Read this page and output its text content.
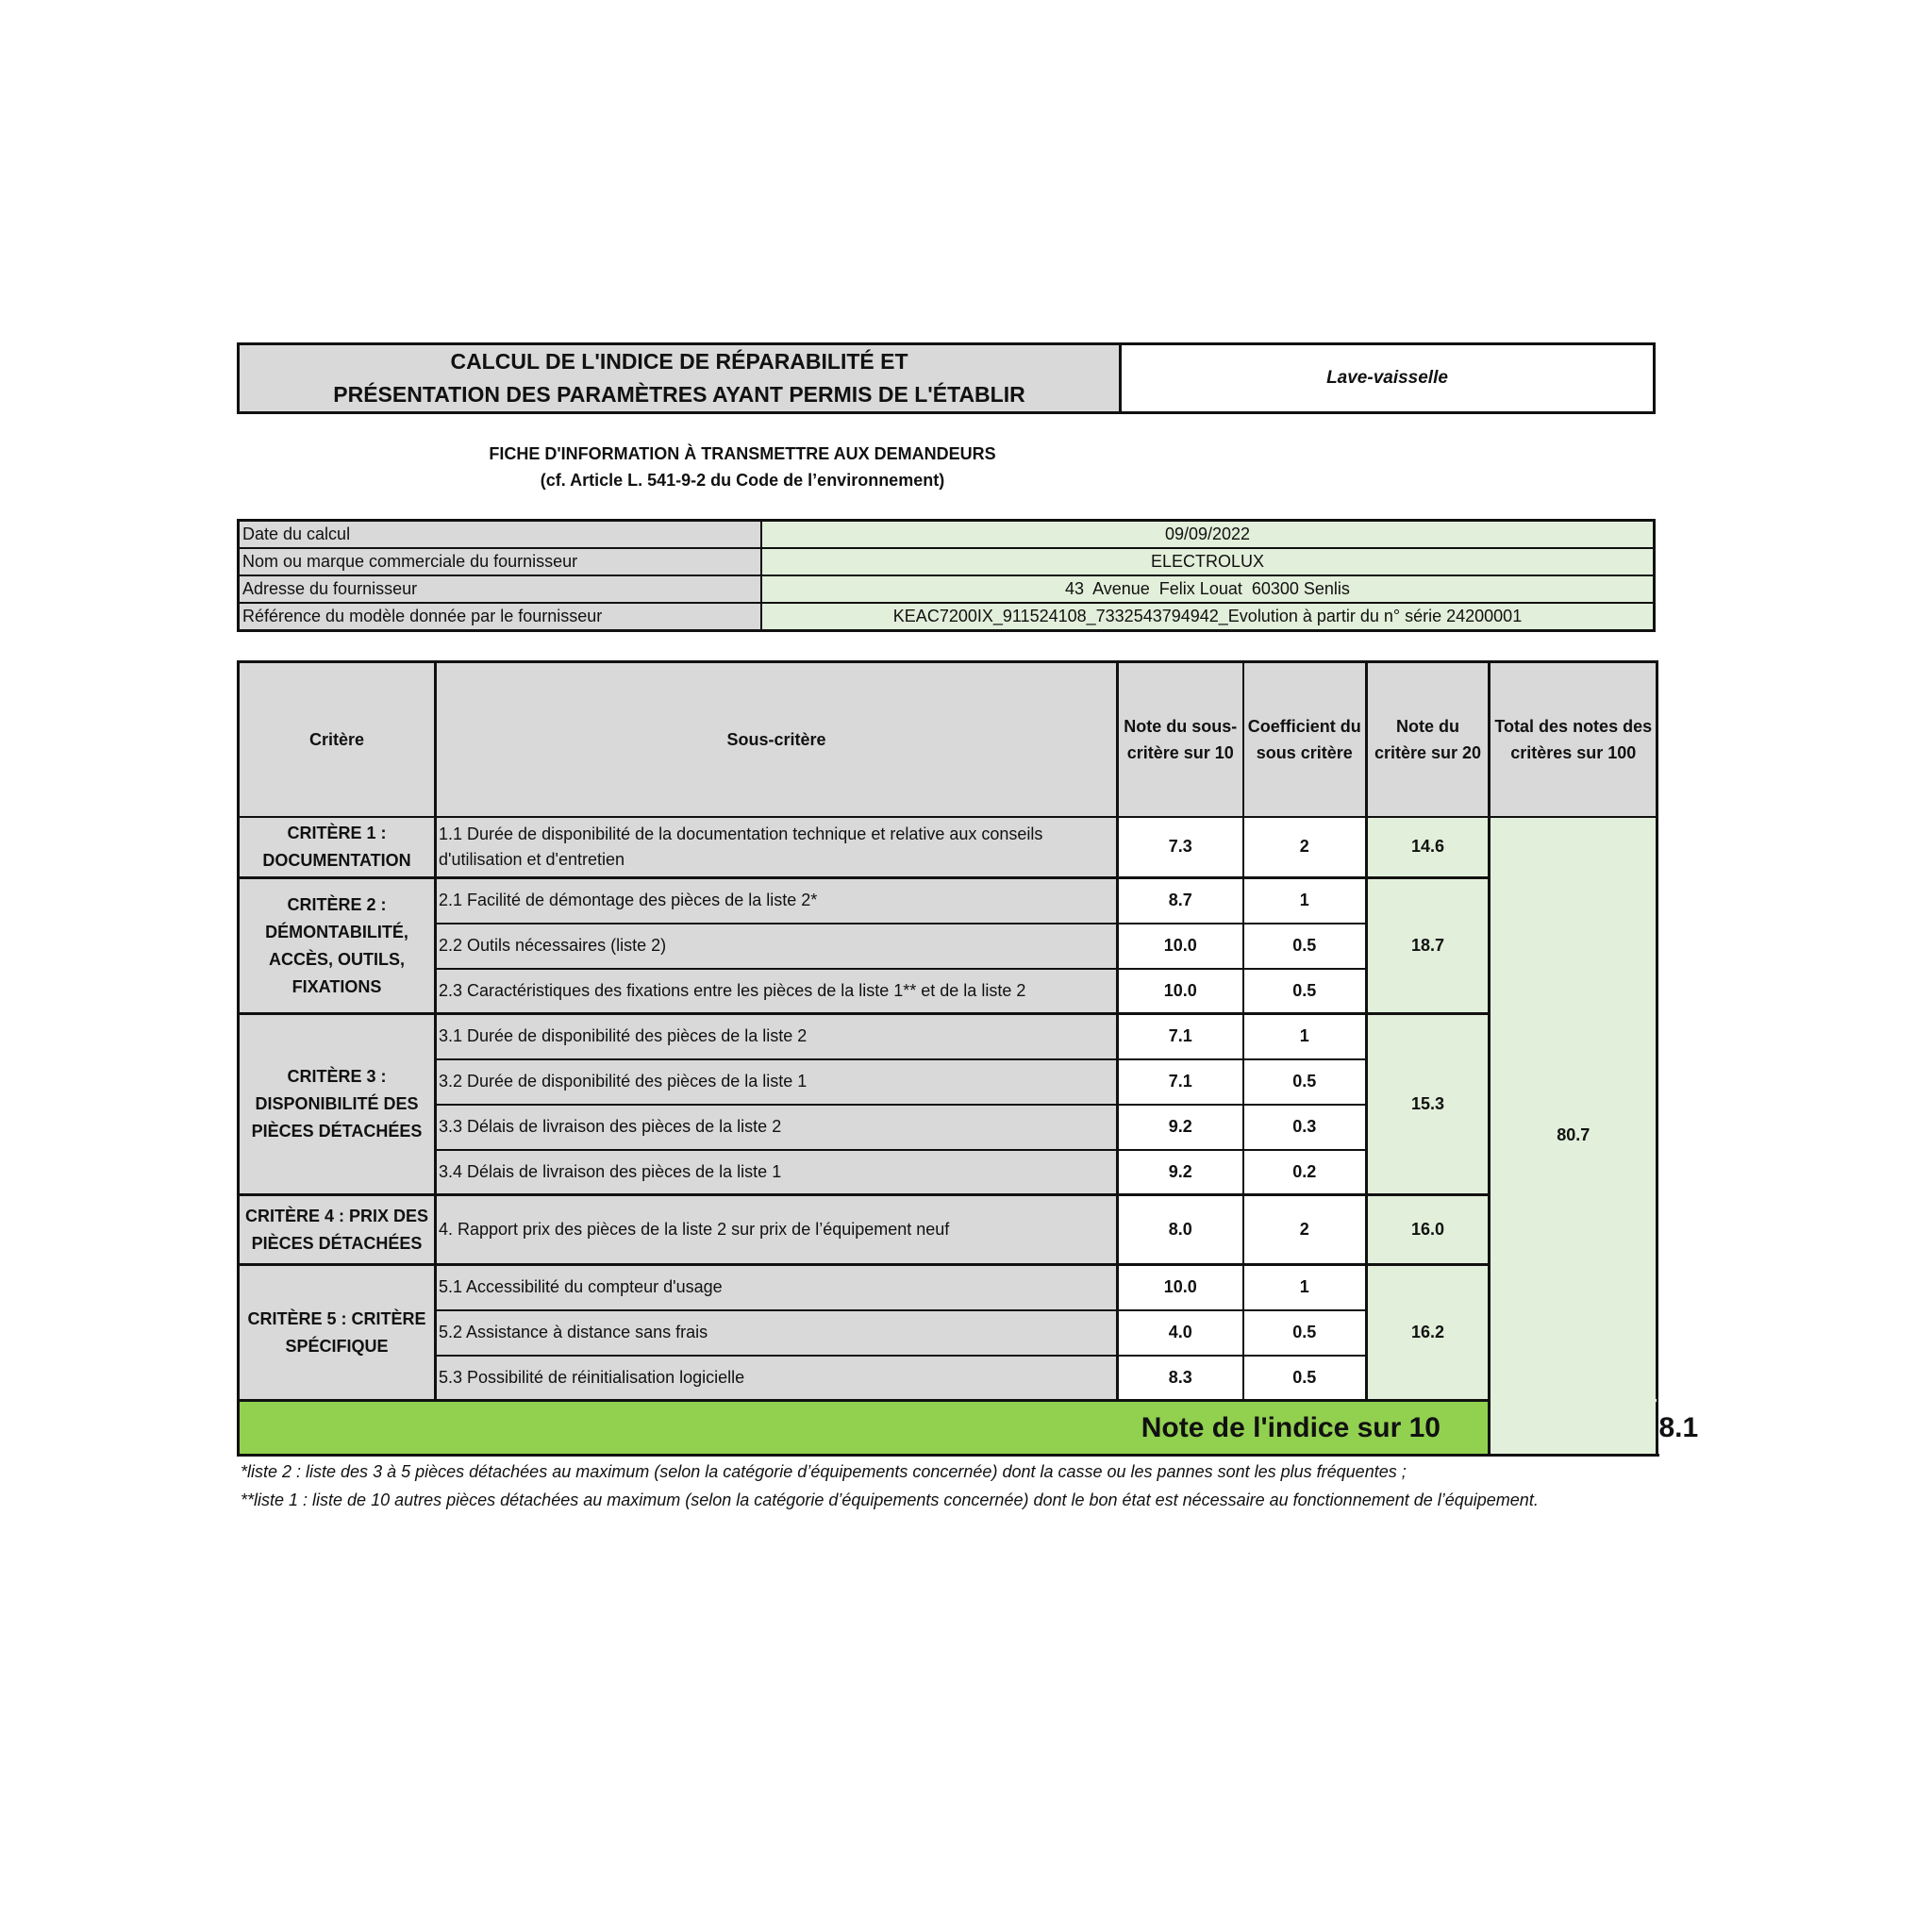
CALCUL DE L'INDICE DE RÉPARABILITÉ ET
PRÉSENTATION DES PARAMÈTRES AYANT PERMIS DE L'ÉTABLIR
Lave-vaisselle
FICHE D'INFORMATION À TRANSMETTRE AUX DEMANDEURS
(cf. Article L. 541-9-2 du Code de l’environnement)
Date du calcul	09/09/2022
Nom ou marque commerciale du fournisseur	ELECTROLUX
Adresse du fournisseur	43  Avenue  Felix Louat  60300 Senlis
Référence du modèle donnée par le fournisseur	KEAC7200IX_911524108_7332543794942_Evolution à partir du n° série 24200001
Critère	Sous-critère	Note du sous-critère sur 10	Coefficient du sous critère	Note du critère sur 20	Total des notes des critères sur 100	
CRITÈRE 1 : DOCUMENTATION	1.1 Durée de disponibilité de la documentation technique et relative aux conseils d'utilisation et d'entretien	7.3	2	14.6	80.7	
CRITÈRE 2 : DÉMONTABILITÉ, ACCÈS, OUTILS, FIXATIONS	2.1 Facilité de démontage des pièces de la liste 2*	8.7	1	18.7		
	2.2 Outils nécessaires (liste 2)	10.0	0.5			
	2.3 Caractéristiques des fixations entre les pièces de la liste 1** et de la liste 2	10.0	0.5			
CRITÈRE 3 : DISPONIBILITÉ DES PIÈCES DÉTACHÉES	3.1 Durée de disponibilité des pièces de la liste 2	7.1	1	15.3		
	3.2 Durée de disponibilité des pièces de la liste 1	7.1	0.5			
	3.3 Délais de livraison des pièces de la liste 2	9.2	0.3			
	3.4 Délais de livraison des pièces de la liste 1	9.2	0.2			
CRITÈRE 4 : PRIX DES PIÈCES DÉTACHÉES	4. Rapport prix des pièces de la liste 2 sur prix de l’équipement neuf	8.0	2	16.0		
CRITÈRE 5 : CRITÈRE SPÉCIFIQUE	5.1 Accessibilité du compteur d'usage	10.0	1	16.2		
	5.2 Assistance à distance sans frais	4.0	0.5			
	5.3 Possibilité de réinitialisation logicielle	8.3	0.5			
Note de l'indice sur 10						8.1
*liste 2 : liste des 3 à 5 pièces détachées au maximum (selon la catégorie d’équipements concernée) dont la casse ou les pannes sont les plus fréquentes ;
**liste 1 : liste de 10 autres pièces détachées au maximum (selon la catégorie d’équipements concernée) dont le bon état est nécessaire au fonctionnement de l’équipement.
